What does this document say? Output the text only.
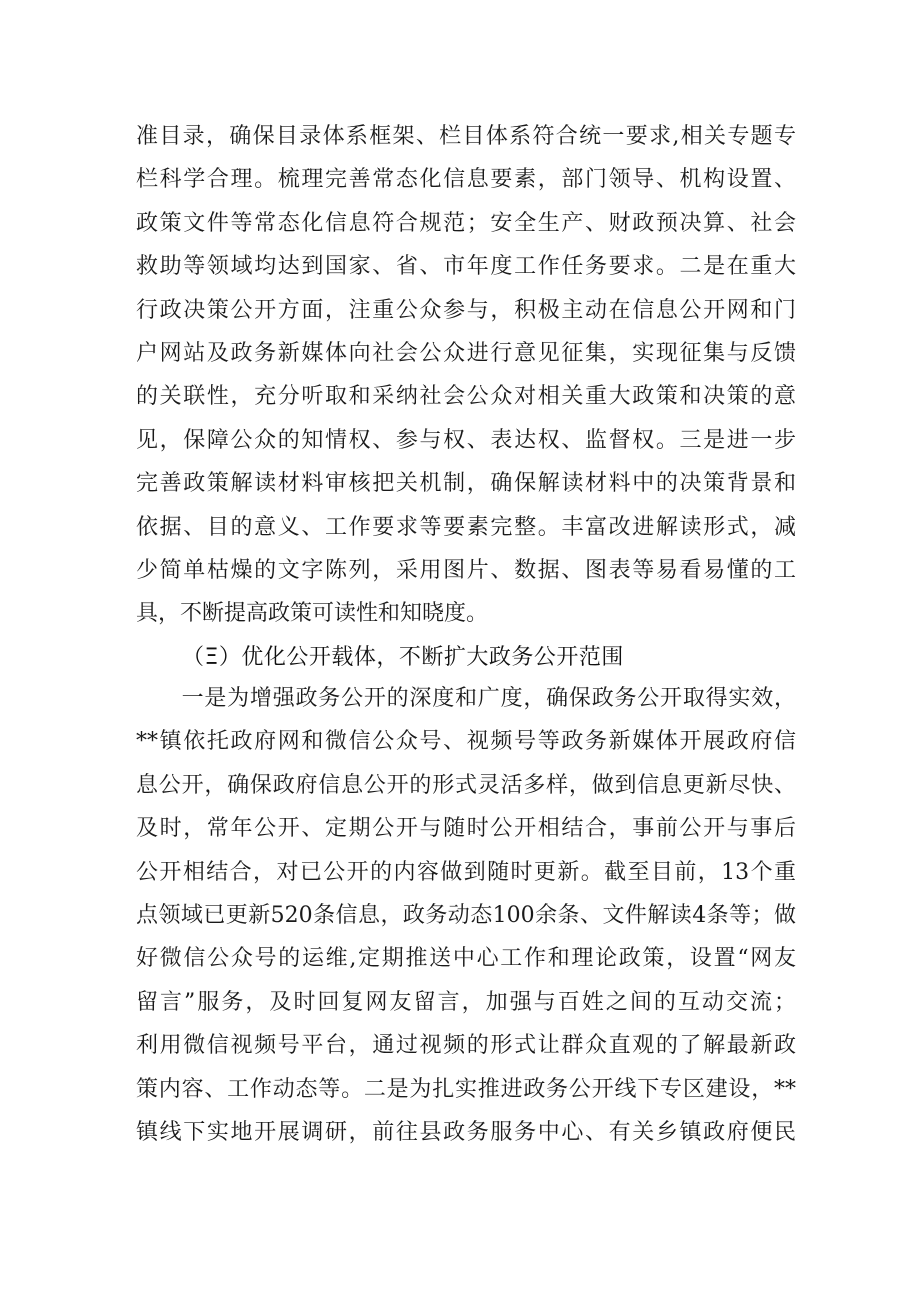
准目录，确保目录体系框架、栏目体系符合统一要求,相关专题专
栏科学合理。梳理完善常态化信息要素，部门领导、机构设置、
政策文件等常态化信息符合规范；安全生产、财政预决算、社会
救助等领域均达到国家、省、市年度工作任务要求。二是在重大
行政决策公开方面，注重公众参与，积极主动在信息公开网和门
户网站及政务新媒体向社会公众进行意见征集，实现征集与反馈
的关联性，充分听取和采纳社会公众对相关重大政策和决策的意
见，保障公众的知情权、参与权、表达权、监督权。三是进一步
完善政策解读材料审核把关机制，确保解读材料中的决策背景和
依据、目的意义、工作要求等要素完整。丰富改进解读形式，减
少简单枯燥的文字陈列，采用图片、数据、图表等易看易懂的工
具，不断提高政策可读性和知晓度。
（Ξ）优化公开载体，不断扩大政务公开范围
　　一是为增强政务公开的深度和广度，确保政务公开取得实效，
**镇依托政府网和微信公众号、视频号等政务新媒体开展政府信
息公开，确保政府信息公开的形式灵活多样，做到信息更新尽快、
及时，常年公开、定期公开与随时公开相结合，事前公开与事后
公开相结合，对已公开的内容做到随时更新。截至目前，13个重
点领域已更新520条信息，政务动态100余条、文件解读4条等；做
好微信公众号的运维,定期推送中心工作和理论政策，设置“网友
留言”服务，及时回复网友留言，加强与百姓之间的互动交流；
利用微信视频号平台，通过视频的形式让群众直观的了解最新政
策内容、工作动态等。二是为扎实推进政务公开线下专区建设，**
镇线下实地开展调研，前往县政务服务中心、有关乡镇政府便民
